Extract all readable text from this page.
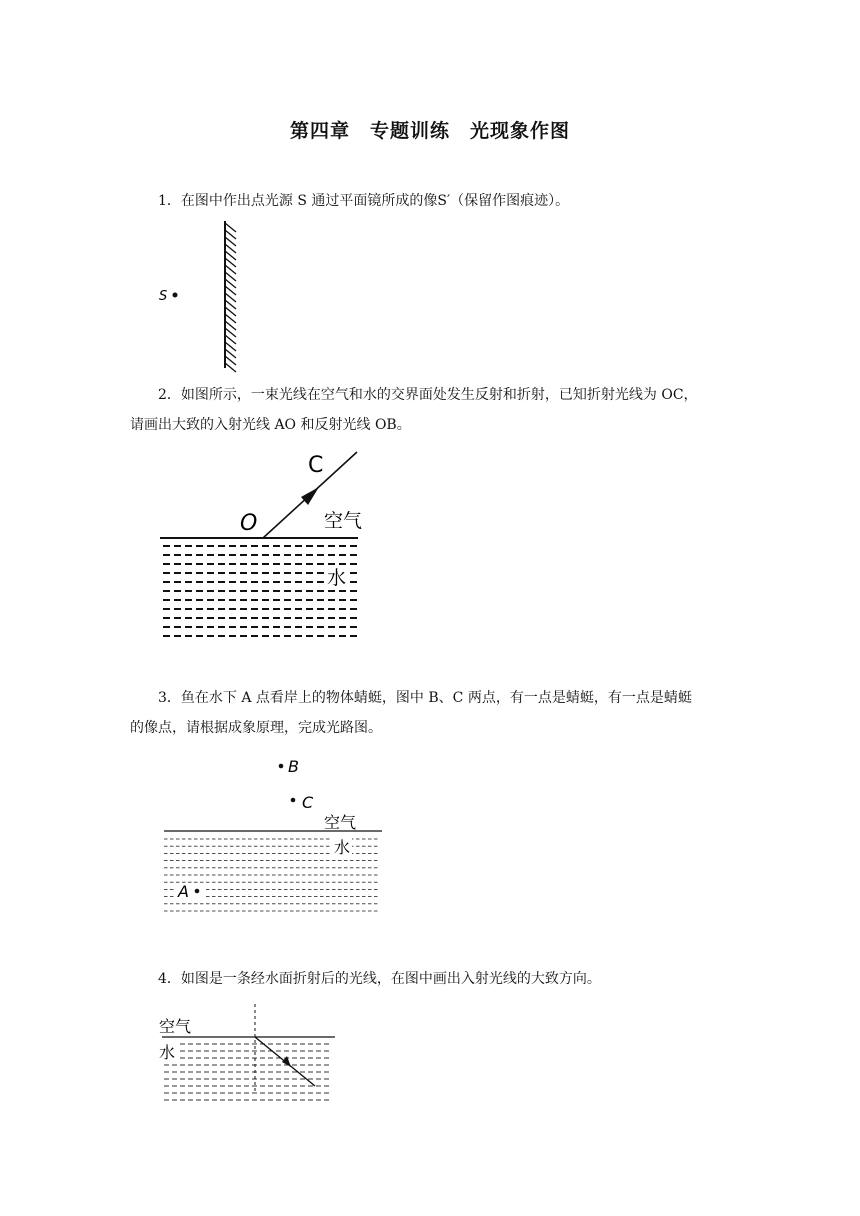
第四章　专题训练　光现象作图
1．在图中作出点光源 S 通过平面镜所成的像S′（保留作图痕迹）。
S
2．如图所示，一束光线在空气和水的交界面处发生反射和折射，已知折射光线为 OC，
请画出大致的入射光线 AO 和反射光线 OB。
C
O	空气
水
3．鱼在水下 A 点看岸上的物体蜻蜓，图中 B、C 两点，有一点是蜻蜓，有一点是蜻蜓
的像点，请根据成象原理，完成光路图。
B
C
空气
水
A
4．如图是一条经水面折射后的光线，在图中画出入射光线的大致方向。
空气
水
